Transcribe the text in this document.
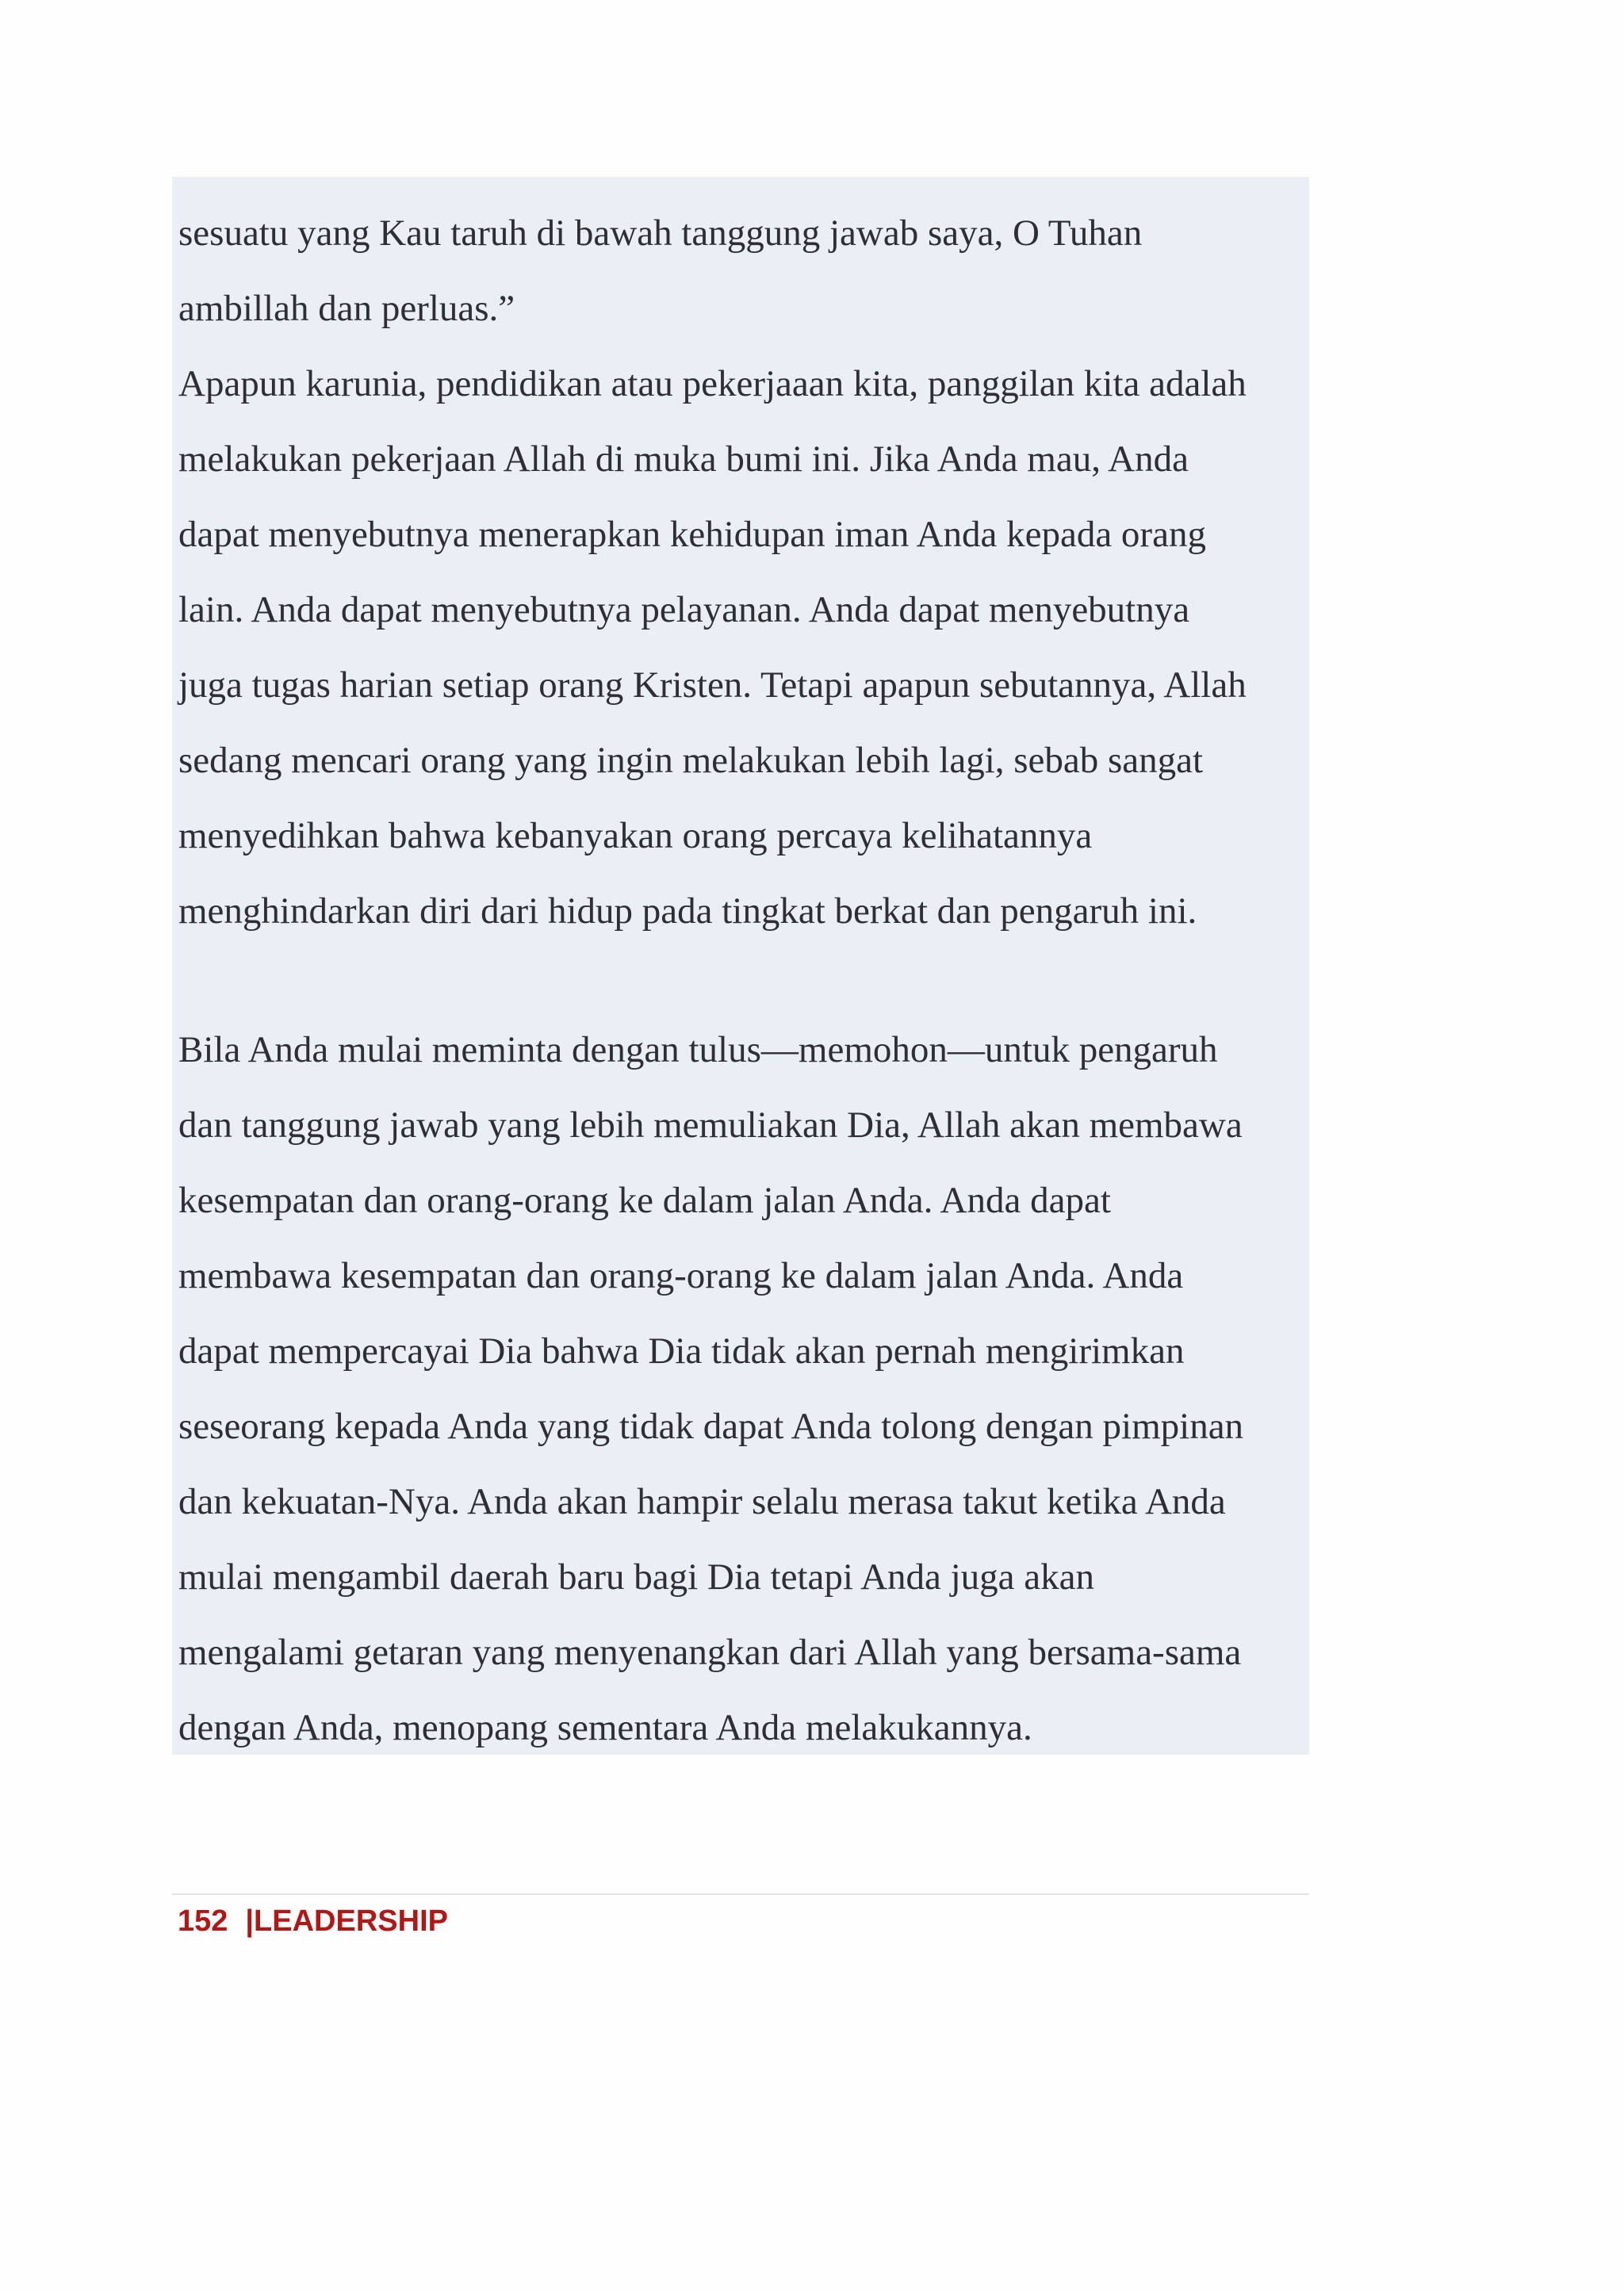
sesuatu yang Kau taruh di bawah tanggung jawab saya, O Tuhan
ambillah dan perluas.”
Apapun karunia, pendidikan atau pekerjaaan kita, panggilan kita adalah
melakukan pekerjaan Allah di muka bumi ini. Jika Anda mau, Anda
dapat menyebutnya menerapkan kehidupan iman Anda kepada orang
lain. Anda dapat menyebutnya pelayanan. Anda dapat menyebutnya
juga tugas harian setiap orang Kristen. Tetapi apapun sebutannya, Allah
sedang mencari orang yang ingin melakukan lebih lagi, sebab sangat
menyedihkan bahwa kebanyakan orang percaya kelihatannya
menghindarkan diri dari hidup pada tingkat berkat dan pengaruh ini.
Bila Anda mulai meminta dengan tulus—memohon—untuk pengaruh
dan tanggung jawab yang lebih memuliakan Dia, Allah akan membawa
kesempatan dan orang-orang ke dalam jalan Anda. Anda dapat
membawa kesempatan dan orang-orang ke dalam jalan Anda. Anda
dapat mempercayai Dia bahwa Dia tidak akan pernah mengirimkan
seseorang kepada Anda yang tidak dapat Anda tolong dengan pimpinan
dan kekuatan-Nya. Anda akan hampir selalu merasa takut ketika Anda
mulai mengambil daerah baru bagi Dia tetapi Anda juga akan
mengalami getaran yang menyenangkan dari Allah yang bersama-sama
dengan Anda, menopang sementara Anda melakukannya.
152 |LEADERSHIP
